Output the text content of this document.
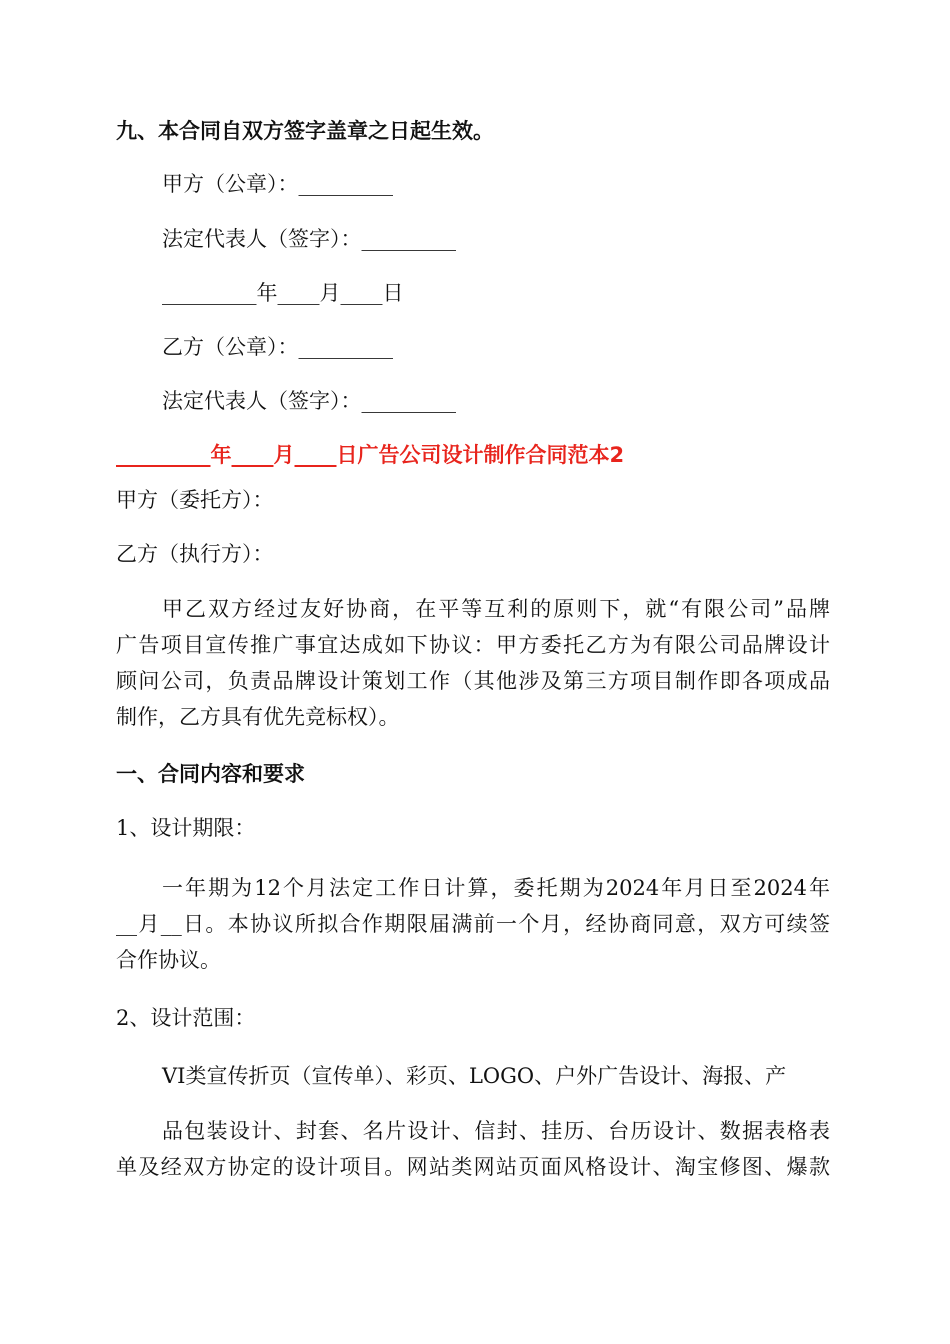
九、本合同自双方签字盖章之日起生效。

甲方（公章）：_________

法定代表人（签字）：_________

_________年____月____日

乙方（公章）：_________

法定代表人（签字）：_________

_________年____月____日广告公司设计制作合同范本2

甲方（委托方）：

乙方（执行方）：

甲乙双方经过友好协商，在平等互利的原则下，就“有限公司”品牌

广告项目宣传推广事宜达成如下协议：甲方委托乙方为有限公司品牌设计

顾问公司，负责品牌设计策划工作（其他涉及第三方项目制作即各项成品

制作，乙方具有优先竞标权）。

一、合同内容和要求

1、设计期限：

一年期为12个月法定工作日计算，委托期为2024年月日至2024年

__月__日。本协议所拟合作期限届满前一个月，经协商同意，双方可续签

合作协议。

2、设计范围：

VI类宣传折页（宣传单）、彩页、LOGO、户外广告设计、海报、产

品包装设计、封套、名片设计、信封、挂历、台历设计、数据表格表

单及经双方协定的设计项目。网站类网站页面风格设计、淘宝修图、爆款
